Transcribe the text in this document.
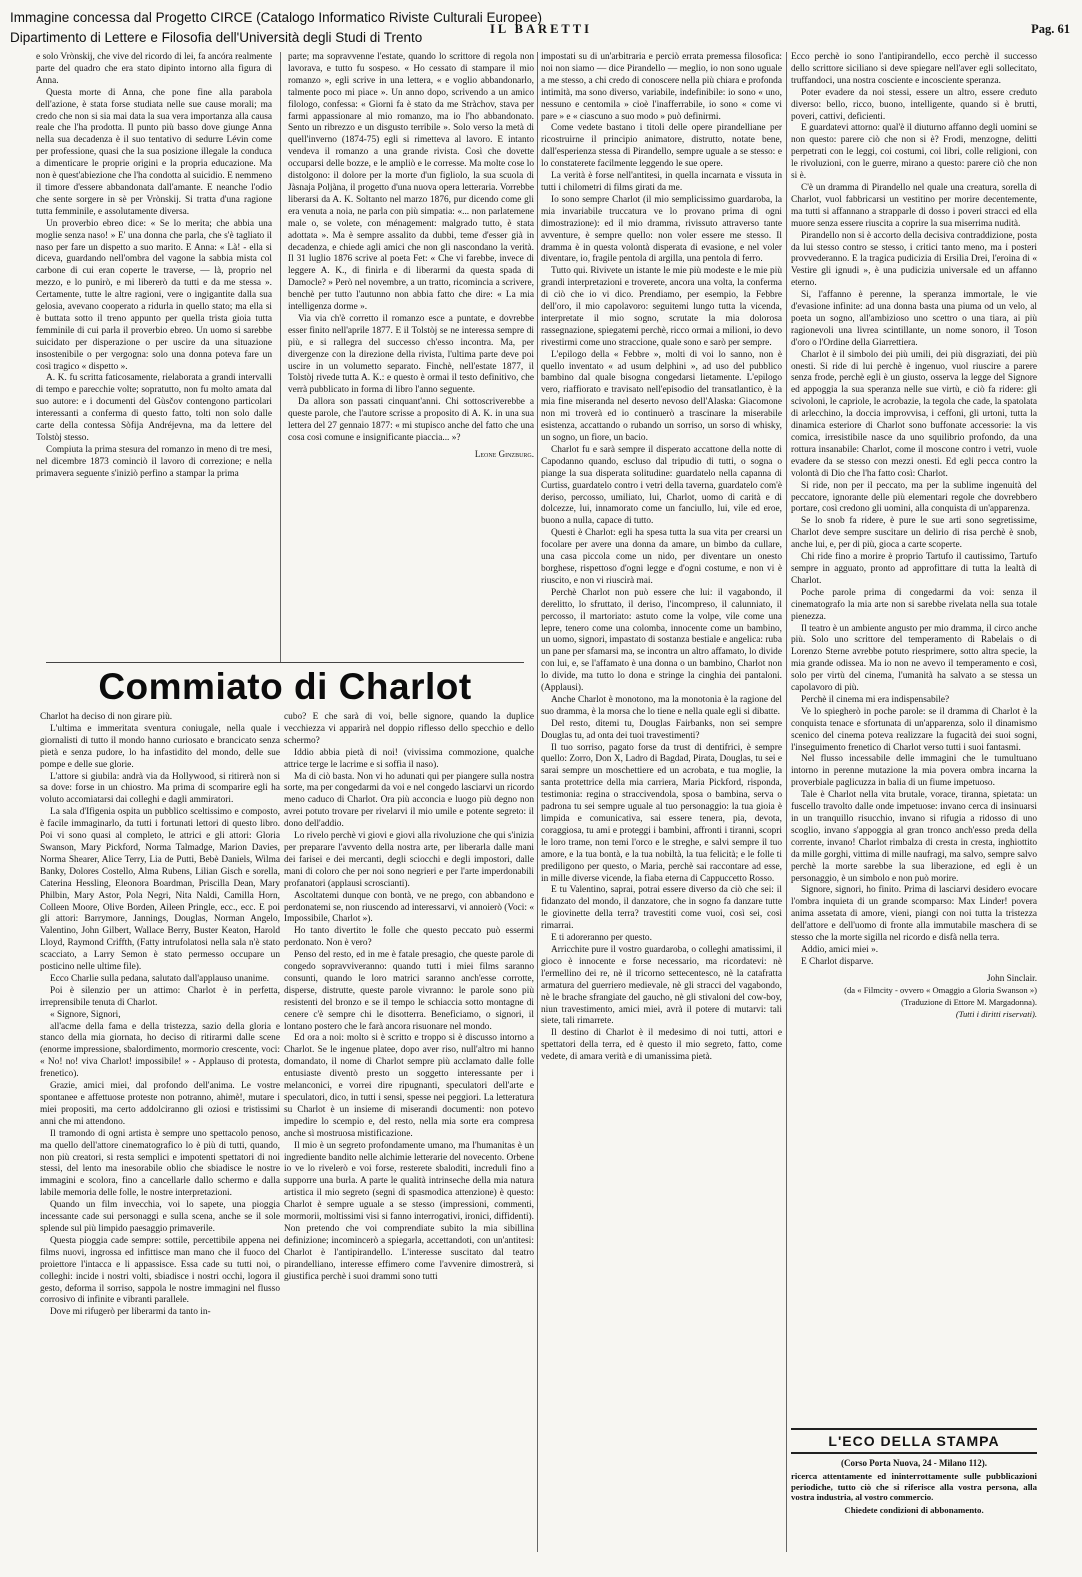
Immagine concessa dal Progetto CIRCE (Catalogo Informatico Riviste Culturali Europee)
Dipartimento di Lettere e Filosofia dell'Università degli Studi di Trento
IL BARETTI	Pag. 61

e solo Vrònskij, che vive del ricordo di lei, fa ancóra realmente parte del quadro che era stato dipinto intorno alla figura di Anna.

Questa morte di Anna, che pone fine alla parabola dell'azione, è stata forse studiata nelle sue cause morali; ma credo che non si sia mai data la sua vera importanza alla causa reale che l'ha prodotta. Il punto più basso dove giunge Anna nella sua decadenza è il suo tentativo di sedurre Lévin come per professione, quasi che la sua posizione illegale la conduca a dimenticare le proprie origini e la propria educazione. Ma non è quest'abiezione che l'ha condotta al suicidio. E nemmeno il timore d'essere abbandonata dall'amante. E neanche l'odio che sente sorgere in sè per Vrònskij. Si tratta d'una ragione tutta femminile, e assolutamente diversa.

Un proverbio ebreo dice: « Se lo merita; che abbia una moglie senza naso! » E' una donna che parla, che s'è tagliato il naso per fare un dispetto a suo marito. E Anna: « Là! - ella si diceva, guardando nell'ombra del vagone la sabbia mista col carbone di cui eran coperte le traverse, — là, proprio nel mezzo, e lo punirò, e mi libererò da tutti e da me stessa ». Certamente, tutte le altre ragioni, vere o ingigantite dalla sua gelosia, avevano cooperato a ridurla in quello stato; ma ella si è buttata sotto il treno appunto per quella trista gioia tutta femminile di cui parla il proverbio ebreo. Un uomo si sarebbe suicidato per disperazione o per uscire da una situazione insostenibile o per vergogna: solo una donna poteva fare un così tragico « dispetto ».

A. K. fu scritta faticosamente, rielaborata a grandi intervalli di tempo e parecchie volte; sopratutto, non fu molto amata dal suo autore: e i documenti del Gùsčov contengono particolari interessanti a conferma di questo fatto, tolti non solo dalle carte della contessa Sòfija Andréjevna, ma da lettere del Tolstòj stesso.

Compiuta la prima stesura del romanzo in meno di tre mesi, nel dicembre 1873 cominciò il lavoro di correzione; e nella primavera seguente s'iniziò perfino a stampar la prima

parte; ma sopravvenne l'estate, quando lo scrittore di regola non lavorava, e tutto fu sospeso. « Ho cessato di stampare il mio romanzo », egli scrive in una lettera, « e voglio abbandonarlo, talmente poco mi piace ». Un anno dopo, scrivendo a un amico filologo, confessa: « Giorni fa è stato da me Stràchov, stava per farmi appassionare al mio romanzo, ma io l'ho abbandonato. Sento un ribrezzo e un disgusto terribile ». Solo verso la metà di quell'inverno (1874-75) egli si rimetteva al lavoro. E intanto vendeva il romanzo a una grande rivista. Così che dovette occuparsi delle bozze, e le ampliò e le corresse. Ma molte cose lo distolgono: il dolore per la morte d'un figliolo, la sua scuola di Jàsnaja Poljàna, il progetto d'una nuova opera letteraria. Vorrebbe liberarsi da A. K. Soltanto nel marzo 1876, pur dicendo come gli era venuta a noia, ne parla con più simpatia: «... non parlatemene male o, se volete, con ménagement: malgrado tutto, è stata adottata ». Ma è sempre assalito da dubbi, teme d'esser già in decadenza, e chiede agli amici che non gli nascondano la verità. Il 31 luglio 1876 scrive al poeta Fet: « Che vi farebbe, invece di leggere A. K., di finirla e di liberarmi da questa spada di Damocle? » Però nel novembre, a un tratto, ricomincia a scrivere, benchè per tutto l'autunno non abbia fatto che dire: « La mia intelligenza dorme ».

Via via ch'è corretto il romanzo esce a puntate, e dovrebbe esser finito nell'aprile 1877. E il Tolstòj se ne interessa sempre di più, e si rallegra del successo ch'esso incontra. Ma, per divergenze con la direzione della rivista, l'ultima parte deve poi uscire in un volumetto separato. Finchè, nell'estate 1877, il Tolstòj rivede tutta A. K.: e questo è ormai il testo definitivo, che verrà pubblicato in forma di libro l'anno seguente.

Da allora son passati cinquant'anni. Chi sottoscriverebbe a queste parole, che l'autore scrisse a proposito di A. K. in una sua lettera del 27 gennaio 1877: « mi stupisco anche del fatto che una cosa così comune e insignificante piaccia... »?

Leone Ginzburg.
Commiato di Charlot

Charlot ha deciso di non girare più.

L'ultima e immeritata sventura coniugale, nella quale i giornalisti di tutto il mondo hanno curiosato e brancicato senza pietà e senza pudore, lo ha infastidito del mondo, delle sue pompe e delle sue glorie.

L'attore si giubila: andrà via da Hollywood, si ritirerà non si sa dove: forse in un chiostro. Ma prima di scomparire egli ha voluto accomiatarsi dai colleghi e dagli ammiratori.

La sala d'Ifigenia ospita un pubblico sceltissimo e composto, è facile immaginarlo, da tutti i fortunati lettori di questo libro. Poi vi sono quasi al completo, le attrici e gli attori: Gloria Swanson, Mary Pickford, Norma Talmadge, Marion Davies, Norma Shearer, Alice Terry, Lia de Putti, Bebè Daniels, Wilma Banky, Dolores Costello, Alma Rubens, Lilian Gisch e sorella, Caterina Hessling, Eleonora Boardman, Priscilla Dean, Mary Philbin, Mary Astor, Pola Negri, Nita Naldi, Camilla Horn, Colleen Moore, Olive Borden, Aileen Pringle, ecc., ecc. E poi gli attori: Barrymore, Jannings, Douglas, Norman Angelo, Valentino, John Gilbert, Wallace Berry, Buster Keaton, Harold Lloyd, Raymond Criffth, (Fatty intrufolatosi nella sala n'è stato scacciato, a Larry Semon è stato permesso occupare un posticino nelle ultime file).

Ecco Charlie sulla pedana, salutato dall'applauso unanime.

Poi è silenzio per un attimo: Charlot è in perfetta, irreprensibile tenuta di Charlot.

« Signore, Signori,

all'acme della fama e della tristezza, sazio della gloria e stanco della mia giornata, ho deciso di ritirarmi dalle scene (enorme impressione, sbalordimento, mormorio crescente, voci: « No! no! viva Charlot! impossibile! » - Applauso di protesta, frenetico).

Grazie, amici miei, dal profondo dell'anima. Le vostre spontanee e affettuose proteste non potranno, ahimè!, mutare i miei propositi, ma certo addolciranno gli oziosi e tristissimi anni che mi attendono.

Il tramondo di ogni artista è sempre uno spettacolo penoso, ma quello dell'attore cinematografico lo è più di tutti, quando, non più creatori, si resta semplici e impotenti spettatori di noi stessi, del lento ma inesorabile oblio che sbiadisce le nostre immagini e scolora, fino a cancellarle dallo schermo e dalla labile memoria delle folle, le nostre interpretazioni.

Quando un film invecchia, voi lo sapete, una pioggia incessante cade sui personaggi e sulla scena, anche se il sole splende sul più limpido paesaggio primaverile.

Questa pioggia cade sempre: sottile, percettibile appena nei films nuovi, ingrossa ed infittisce man mano che il fuoco del proiettore l'intacca e li appassisce. Essa cade su tutti noi, o colleghi: incide i nostri volti, sbiadisce i nostri occhi, logora il gesto, deforma il sorriso, sappola le nostre immagini nel flusso corrosivo di infinite e vibranti parallele.

Dove mi rifugerò per liberarmi da tanto in-

cubo? E che sarà di voi, belle signore, quando la duplice vecchiezza vi apparirà nel doppio riflesso dello specchio e dello schermo?

Iddio abbia pietà di noi! (vivissima commozione, qualche attrice terge le lacrime e si soffia il naso).

Ma di ciò basta. Non vi ho adunati qui per piangere sulla nostra sorte, ma per congedarmi da voi e nel congedo lasciarvi un ricordo meno caduco di Charlot. Ora più acconcia e luogo più degno non avrei potuto trovare per rivelarvi il mio umile e potente segreto: il dono dell'addio.

Lo rivelo perchè vi giovi e giovi alla rivoluzione che qui s'inizia per preparare l'avvento della nostra arte, per liberarla dalle mani dei farisei e dei mercanti, degli sciocchi e degli impostori, dalle mani di coloro che per noi sono negrieri e per l'arte imperdonabili profanatori (applausi scroscianti).

Ascoltatemi dunque con bontà, ve ne prego, con abbandono e perdonatemi se, non riuscendo ad interessarvi, vi annoierò (Voci: « Impossibile, Charlot »).

Ho tanto divertito le folle che questo peccato può essermi perdonato. Non è vero?

Penso del resto, ed in me è fatale presagio, che queste parole di congedo sopravviveranno: quando tutti i miei films saranno consunti, quando le loro matrici saranno anch'esse corrotte, disperse, distrutte, queste parole vivranno: le parole sono più resistenti del bronzo e se il tempo le schiaccia sotto montagne di cenere c'è sempre chi le disotterra. Beneficiamo, o signori, il lontano postero che le farà ancora risuonare nel mondo.

Ed ora a noi: molto si è scritto e troppo si è discusso intorno a Charlot. Se le ingenue platee, dopo aver riso, null'altro mi hanno domandato, il nome di Charlot sempre più acclamato dalle folle entusiaste diventò presto un soggetto interessante per i melanconici, e vorrei dire ripugnanti, speculatori dell'arte e speculatori, dico, in tutti i sensi, spesse nei peggiori. La letteratura su Charlot è un insieme di miserandi documenti: non potevo impedire lo scempio e, del resto, nella mia sorte era compresa anche sì mostruosa mistificazione.

Il mio è un segreto profondamente umano, ma l'humanitas è un ingrediente bandito nelle alchimie letterarie del novecento. Orbene io ve lo rivelerò e voi forse, resterete sbaloditi, increduli fino a supporre una burla. A parte le qualità intrinseche della mia natura artistica il mio segreto (segni di spasmodica attenzione) è questo: Charlot è sempre uguale a se stesso (impressioni, commenti, mormorii, moltissimi visi si fanno interrogativi, ironici, diffidenti). Non pretendo che voi comprendiate subito la mia sibillina definizione; incomincerò a spiegarla, accettandoti, con un'antitesi: Charlot è l'antipirandello. L'interesse suscitato dal teatro pirandelliano, interesse effimero come l'avvenire dimostrerà, si giustifica perchè i suoi drammi sono tutti

impostati su di un'arbitraria e perciò errata premessa filosofica: noi non siamo — dice Pirandello — meglio, io non sono uguale a me stesso, a chi credo di conoscere nella più chiara e profonda intimità, ma sono diverso, variabile, indefinibile: io sono « uno, nessuno e centomila » cioè l'inafferrabile, io sono « come vi pare » e « ciascuno a suo modo » può definirmi.

Come vedete bastano i titoli delle opere pirandelliane per ricostruirne il principio animatore, distrutto, notate bene, dall'esperienza stessa di Pirandello, sempre uguale a se stesso: e lo constaterete facilmente leggendo le sue opere.

La verità è forse nell'antitesi, in quella incarnata e vissuta in tutti i chilometri di films girati da me.

Io sono sempre Charlot (il mio semplicissimo guardaroba, la mia invariabile truccatura ve lo provano prima di ogni dimostrazione): ed il mio dramma, rivissuto attraverso tante avventure, è sempre quello: non voler essere me stesso. Il dramma è in questa volontà disperata di evasione, e nel voler diventare, io, fragile pentola di argilla, una pentola di ferro.

Tutto qui. Rivivete un istante le mie più modeste e le mie più grandi interpretazioni e troverete, ancora una volta, la conferma di ciò che io vi dico. Prendiamo, per esempio, la Febbre dell'oro, il mio capolavoro: seguitemi lungo tutta la vicenda, interpretate il mio sogno, scrutate la mia dolorosa rassegnazione, spiegatemi perchè, ricco ormai a milioni, io devo rivestirmi come uno straccione, quale sono e sarò per sempre.

L'epilogo della « Febbre », molti di voi lo sanno, non è quello inventato « ad usum delphini », ad uso del pubblico bambino dal quale bisogna congedarsi lietamente. L'epilogo vero, riaffiorato e travisato nell'episodio del transatlantico, è la mia fine miseranda nel deserto nevoso dell'Alaska: Giacomone non mi troverà ed io continuerò a trascinare la miserabile esistenza, accattando o rubando un sorriso, un sorso di whisky, un sogno, un fiore, un bacio.

Charlot fu e sarà sempre il disperato accattone della notte di Capodanno quando, escluso dal tripudio di tutti, o sogna o piange la sua disperata solitudine: guardatelo nella capanna di Curtiss, guardatelo contro i vetri della taverna, guardatelo com'è deriso, percosso, umiliato, lui, Charlot, uomo di carità e di dolcezze, lui, innamorato come un fanciullo, lui, vile ed eroe, buono a nulla, capace di tutto.

Questi è Charlot: egli ha spesa tutta la sua vita per crearsi un focolare per avere una donna da amare, un bimbo da cullare, una casa piccola come un nido, per diventare un onesto borghese, rispettoso d'ogni legge e d'ogni costume, e non vi è riuscito, e non vi riuscirà mai.

Perchè Charlot non può essere che lui: il vagabondo, il derelitto, lo sfruttato, il deriso, l'incompreso, il calunniato, il percosso, il martoriato: astuto come la volpe, vile come una lepre, tenero come una colomba, innocente come un bambino, un uomo, signori, impastato di sostanza bestiale e angelica: ruba un pane per sfamarsi ma, se incontra un altro affamato, lo divide con lui, e, se l'affamato è una donna o un bambino, Charlot non lo divide, ma tutto lo dona e stringe la cinghia dei pantaloni. (Applausi).

Anche Charlot è monotono, ma la monotonia è la ragione del suo dramma, è la morsa che lo tiene e nella quale egli si dibatte.

Del resto, ditemi tu, Douglas Fairbanks, non sei sempre Douglas tu, ad onta dei tuoi travestimenti?

Il tuo sorriso, pagato forse da trust di dentifrici, è sempre quello: Zorro, Don X, Ladro di Bagdad, Pirata, Douglas, tu sei e sarai sempre un moschettiere ed un acrobata, e tua moglie, la santa protettrice della mia carriera, Maria Pickford, risponda, testimonia: regina o straccivendola, sposa o bambina, serva o padrona tu sei sempre uguale al tuo personaggio: la tua gioia è limpida e comunicativa, sai essere tenera, pia, devota, coraggiosa, tu ami e proteggi i bambini, affronti i tiranni, scopri le loro trame, non temi l'orco e le streghe, e salvi sempre il tuo amore, e la tua bontà, e la tua nobiltà, la tua felicità; e le folle ti prediligono per questo, o Maria, perchè sai raccontare ad esse, in mille diverse vicende, la fiaba eterna di Cappuccetto Rosso.

E tu Valentino, saprai, potrai essere diverso da ciò che sei: il fidanzato del mondo, il danzatore, che in sogno fa danzare tutte le giovinette della terra? travestiti come vuoi, così sei, così rimarrai.

E ti adoreranno per questo.

Arricchite pure il vostro guardaroba, o colleghi amatissimi, il gioco è innocente e forse necessario, ma ricordatevi: nè l'ermellino dei re, nè il tricorno settecentesco, nè la catafratta armatura del guerriero medievale, nè gli stracci del vagabondo, nè le brache sfrangiate del gaucho, nè gli stivaloni del cow-boy, niun travestimento, amici miei, avrà il potere di mutarvi: tali siete, tali rimarrete.

Il destino di Charlot è il medesimo di noi tutti, attori e spettatori della terra, ed è questo il mio segreto, fatto, come vedete, di amara verità e di umanissima pietà.

Ecco perchè io sono l'antipirandello, ecco perchè il successo dello scrittore siciliano si deve spiegare nell'aver egli sollecitato, truffandoci, una nostra cosciente e incosciente speranza.

Poter evadere da noi stessi, essere un altro, essere creduto diverso: bello, ricco, buono, intelligente, quando si è brutti, poveri, cattivi, deficienti.

E guardatevi attorno: qual'è il diuturno affanno degli uomini se non questo: parere ciò che non si è? Frodi, menzogne, delitti perpetrati con le leggi, coi costumi, coi libri, colle religioni, con le rivoluzioni, con le guerre, mirano a questo: parere ciò che non si è.

C'è un dramma di Pirandello nel quale una creatura, sorella di Charlot, vuol fabbricarsi un vestitino per morire decentemente, ma tutti si affannano a strapparle di dosso i poveri stracci ed ella muore senza essere riuscita a coprire la sua miserrima nudità.

Pirandello non si è accorto della decisiva contraddizione, posta da lui stesso contro se stesso, i critici tanto meno, ma i posteri provvederanno. E la tragica pudicizia di Ersilia Drei, l'eroina di « Vestire gli ignudi », è una pudicizia universale ed un affanno eterno.

Si, l'affanno è perenne, la speranza immortale, le vie d'evasione infinite: ad una donna basta una piuma od un velo, al poeta un sogno, all'ambizioso uno scettro o una tiara, ai più ragionevoli una livrea scintillante, un nome sonoro, il Toson d'oro o l'Ordine della Giarrettiera.

Charlot è il simbolo dei più umili, dei più disgraziati, dei più onesti. Si ride di lui perchè è ingenuo, vuol riuscire a parere senza frode, perchè egli è un giusto, osserva la legge del Signore ed appoggia la sua speranza nelle sue virtù, e ciò fa ridere: gli scivoloni, le capriole, le acrobazie, la tegola che cade, la spatolata di arlecchino, la doccia improvvisa, i ceffoni, gli urtoni, tutta la dinamica esteriore di Charlot sono buffonate accessorie: la vis comica, irresistibile nasce da uno squilibrio profondo, da una rottura insanabile: Charlot, come il moscone contro i vetri, vuole evadere da se stesso con mezzi onesti. Ed egli pecca contro la volontà di Dio che l'ha fatto così: Charlot.

Si ride, non per il peccato, ma per la sublime ingenuità del peccatore, ignorante delle più elementari regole che dovrebbero portare, così credono gli uomini, alla conquista di un'apparenza.

Se lo snob fa ridere, è pure le sue arti sono segretissime, Charlot deve sempre suscitare un delirio di risa perchè è snob, anche lui, e, per di più, gioca a carte scoperte.

Chi ride fino a morire è proprio Tartufo il cautissimo, Tartufo sempre in agguato, pronto ad approfittare di tutta la lealtà di Charlot.

Poche parole prima di congedarmi da voi: senza il cinematografo la mia arte non si sarebbe rivelata nella sua totale pienezza.

Il teatro è un ambiente angusto per mio dramma, il circo anche più. Solo uno scrittore del temperamento di Rabelais o di Lorenzo Sterne avrebbe potuto riesprimere, sotto altra specie, la mia grande odissea. Ma io non ne avevo il temperamento e così, solo per virtù del cinema, l'umanità ha salvato a se stessa un capolavoro di più.

Perchè il cinema mi era indispensabile?

Ve lo spiegherò in poche parole: se il dramma di Charlot è la conquista tenace e sfortunata di un'apparenza, solo il dinamismo scenico del cinema poteva realizzare la fugacità dei suoi sogni, l'inseguimento frenetico di Charlot verso tutti i suoi fantasmi.

Nel flusso incessabile delle immagini che le tumultuano intorno in perenne mutazione la mia povera ombra incarna la proverbiale paglicuzza in balia di un fiume impetuoso.

Tale è Charlot nella vita brutale, vorace, tiranna, spietata: un fuscello travolto dalle onde impetuose: invano cerca di insinuarsi in un tranquillo risucchio, invano si rifugia a ridosso di uno scoglio, invano s'appoggia al gran tronco anch'esso preda della corrente, invano! Charlot rimbalza di cresta in cresta, inghiottito da mille gorghi, vittima di mille naufragi, ma salvo, sempre salvo perchè la morte sarebbe la sua liberazione, ed egli è un personaggio, è un simbolo e non può morire.

Signore, signori, ho finito. Prima di lasciarvi desidero evocare l'ombra inquieta di un grande scomparso: Max Linder! povera anima assetata di amore, vieni, piangi con noi tutta la tristezza dell'attore e dell'uomo di fronte alla immutabile maschera di se stesso che la morte sigilla nel ricordo e disfà nella terra.

Addio, amici miei ».

E Charlot disparve.

John Sinclair.
(da « Filmcity - ovvero « Omaggio a Gloria Swanson »)
(Traduzione di Ettore M. Margadonna).
(Tutti i diritti riservati).
L'ECO DELLA STAMPA
(Corso Porta Nuova, 24 - Milano 112).
ricerca attentamente ed ininterrottamente sulle pubblicazioni periodiche, tutto ciò che si riferisce alla vostra persona, alla vostra industria, al vostro commercio.
Chiedete condizioni di abbonamento.
